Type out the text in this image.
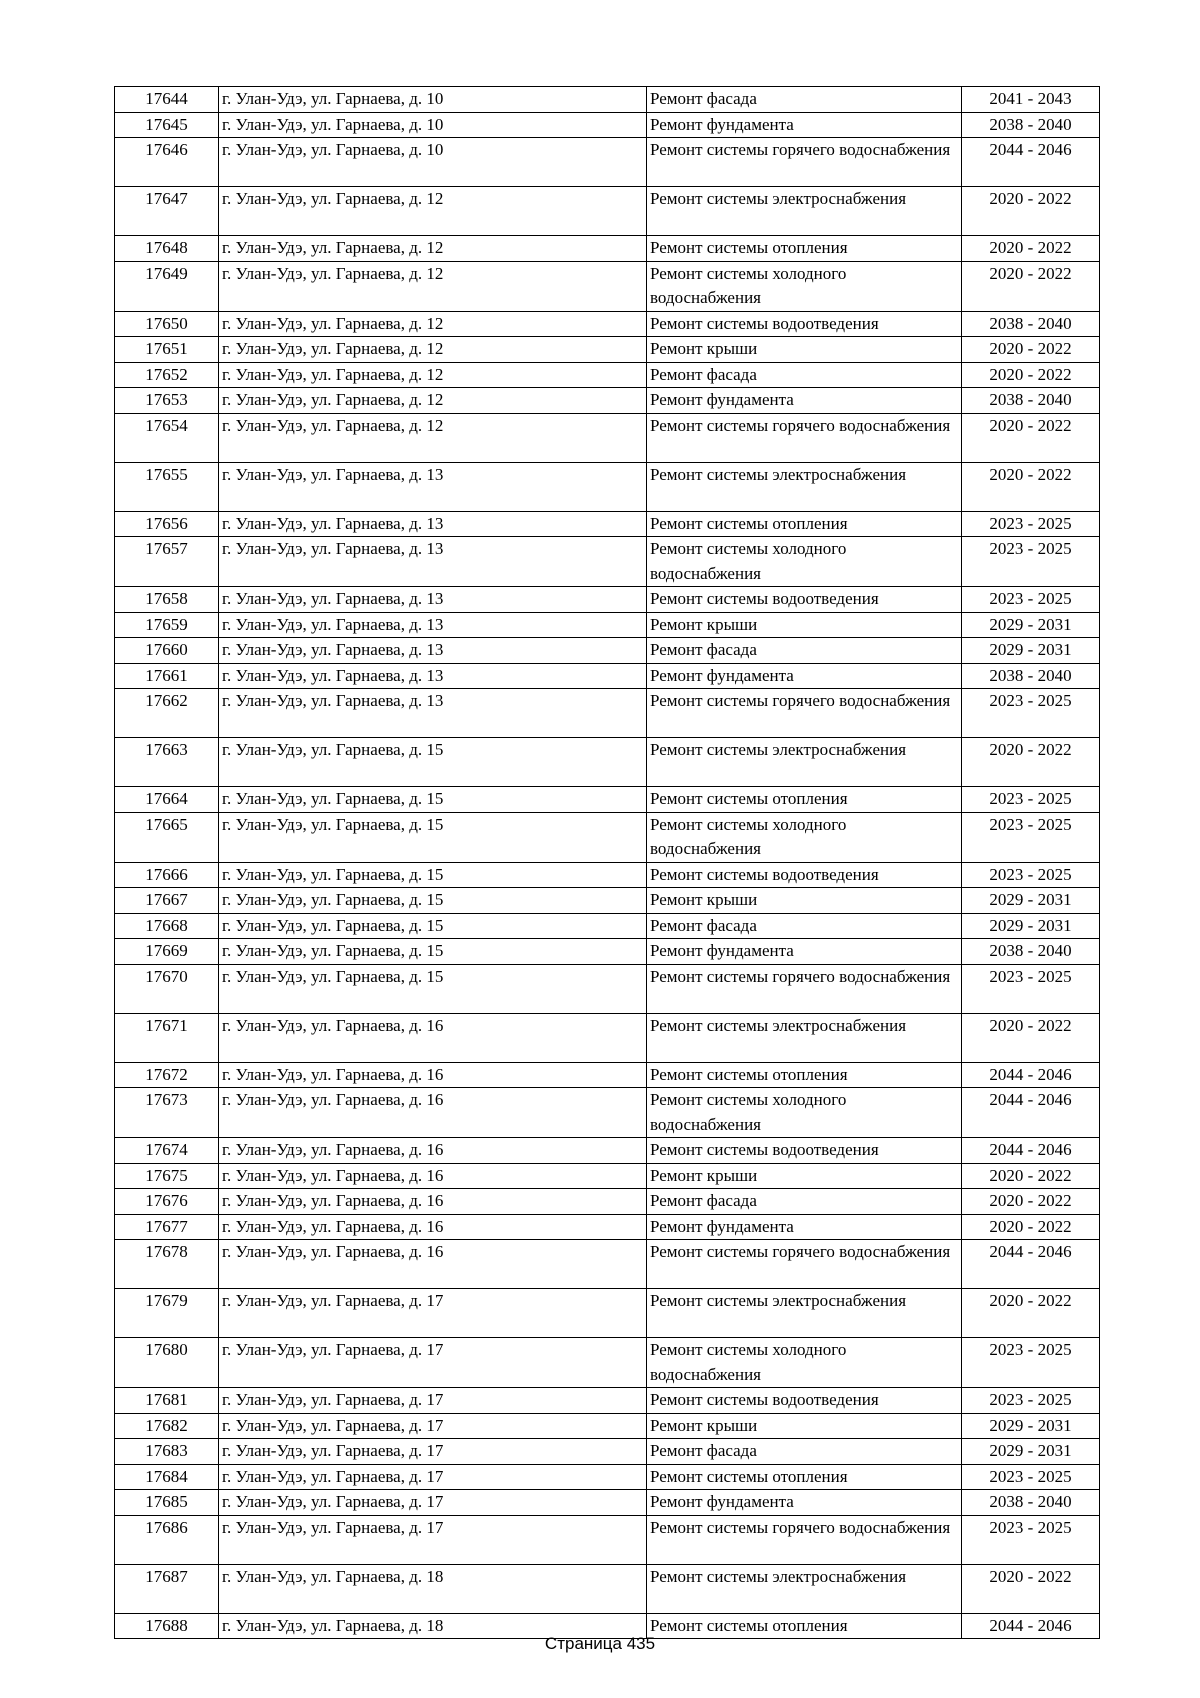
17644	г. Улан-Удэ, ул. Гарнаева, д. 10	Ремонт фасада	2041 - 2043
17645	г. Улан-Удэ, ул. Гарнаева, д. 10	Ремонт фундамента	2038 - 2040
17646	г. Улан-Удэ, ул. Гарнаева, д. 10	Ремонт системы горячего водоснабжения	2044 - 2046
17647	г. Улан-Удэ, ул. Гарнаева, д. 12	Ремонт системы электроснабжения	2020 - 2022
17648	г. Улан-Удэ, ул. Гарнаева, д. 12	Ремонт системы отопления	2020 - 2022
17649	г. Улан-Удэ, ул. Гарнаева, д. 12	Ремонт системы холодного водоснабжения	2020 - 2022
17650	г. Улан-Удэ, ул. Гарнаева, д. 12	Ремонт системы водоотведения	2038 - 2040
17651	г. Улан-Удэ, ул. Гарнаева, д. 12	Ремонт крыши	2020 - 2022
17652	г. Улан-Удэ, ул. Гарнаева, д. 12	Ремонт фасада	2020 - 2022
17653	г. Улан-Удэ, ул. Гарнаева, д. 12	Ремонт фундамента	2038 - 2040
17654	г. Улан-Удэ, ул. Гарнаева, д. 12	Ремонт системы горячего водоснабжения	2020 - 2022
17655	г. Улан-Удэ, ул. Гарнаева, д. 13	Ремонт системы электроснабжения	2020 - 2022
17656	г. Улан-Удэ, ул. Гарнаева, д. 13	Ремонт системы отопления	2023 - 2025
17657	г. Улан-Удэ, ул. Гарнаева, д. 13	Ремонт системы холодного водоснабжения	2023 - 2025
17658	г. Улан-Удэ, ул. Гарнаева, д. 13	Ремонт системы водоотведения	2023 - 2025
17659	г. Улан-Удэ, ул. Гарнаева, д. 13	Ремонт крыши	2029 - 2031
17660	г. Улан-Удэ, ул. Гарнаева, д. 13	Ремонт фасада	2029 - 2031
17661	г. Улан-Удэ, ул. Гарнаева, д. 13	Ремонт фундамента	2038 - 2040
17662	г. Улан-Удэ, ул. Гарнаева, д. 13	Ремонт системы горячего водоснабжения	2023 - 2025
17663	г. Улан-Удэ, ул. Гарнаева, д. 15	Ремонт системы электроснабжения	2020 - 2022
17664	г. Улан-Удэ, ул. Гарнаева, д. 15	Ремонт системы отопления	2023 - 2025
17665	г. Улан-Удэ, ул. Гарнаева, д. 15	Ремонт системы холодного водоснабжения	2023 - 2025
17666	г. Улан-Удэ, ул. Гарнаева, д. 15	Ремонт системы водоотведения	2023 - 2025
17667	г. Улан-Удэ, ул. Гарнаева, д. 15	Ремонт крыши	2029 - 2031
17668	г. Улан-Удэ, ул. Гарнаева, д. 15	Ремонт фасада	2029 - 2031
17669	г. Улан-Удэ, ул. Гарнаева, д. 15	Ремонт фундамента	2038 - 2040
17670	г. Улан-Удэ, ул. Гарнаева, д. 15	Ремонт системы горячего водоснабжения	2023 - 2025
17671	г. Улан-Удэ, ул. Гарнаева, д. 16	Ремонт системы электроснабжения	2020 - 2022
17672	г. Улан-Удэ, ул. Гарнаева, д. 16	Ремонт системы отопления	2044 - 2046
17673	г. Улан-Удэ, ул. Гарнаева, д. 16	Ремонт системы холодного водоснабжения	2044 - 2046
17674	г. Улан-Удэ, ул. Гарнаева, д. 16	Ремонт системы водоотведения	2044 - 2046
17675	г. Улан-Удэ, ул. Гарнаева, д. 16	Ремонт крыши	2020 - 2022
17676	г. Улан-Удэ, ул. Гарнаева, д. 16	Ремонт фасада	2020 - 2022
17677	г. Улан-Удэ, ул. Гарнаева, д. 16	Ремонт фундамента	2020 - 2022
17678	г. Улан-Удэ, ул. Гарнаева, д. 16	Ремонт системы горячего водоснабжения	2044 - 2046
17679	г. Улан-Удэ, ул. Гарнаева, д. 17	Ремонт системы электроснабжения	2020 - 2022
17680	г. Улан-Удэ, ул. Гарнаева, д. 17	Ремонт системы холодного водоснабжения	2023 - 2025
17681	г. Улан-Удэ, ул. Гарнаева, д. 17	Ремонт системы водоотведения	2023 - 2025
17682	г. Улан-Удэ, ул. Гарнаева, д. 17	Ремонт крыши	2029 - 2031
17683	г. Улан-Удэ, ул. Гарнаева, д. 17	Ремонт фасада	2029 - 2031
17684	г. Улан-Удэ, ул. Гарнаева, д. 17	Ремонт системы отопления	2023 - 2025
17685	г. Улан-Удэ, ул. Гарнаева, д. 17	Ремонт фундамента	2038 - 2040
17686	г. Улан-Удэ, ул. Гарнаева, д. 17	Ремонт системы горячего водоснабжения	2023 - 2025
17687	г. Улан-Удэ, ул. Гарнаева, д. 18	Ремонт системы электроснабжения	2020 - 2022
17688	г. Улан-Удэ, ул. Гарнаева, д. 18	Ремонт системы отопления	2044 - 2046
Страница 435
